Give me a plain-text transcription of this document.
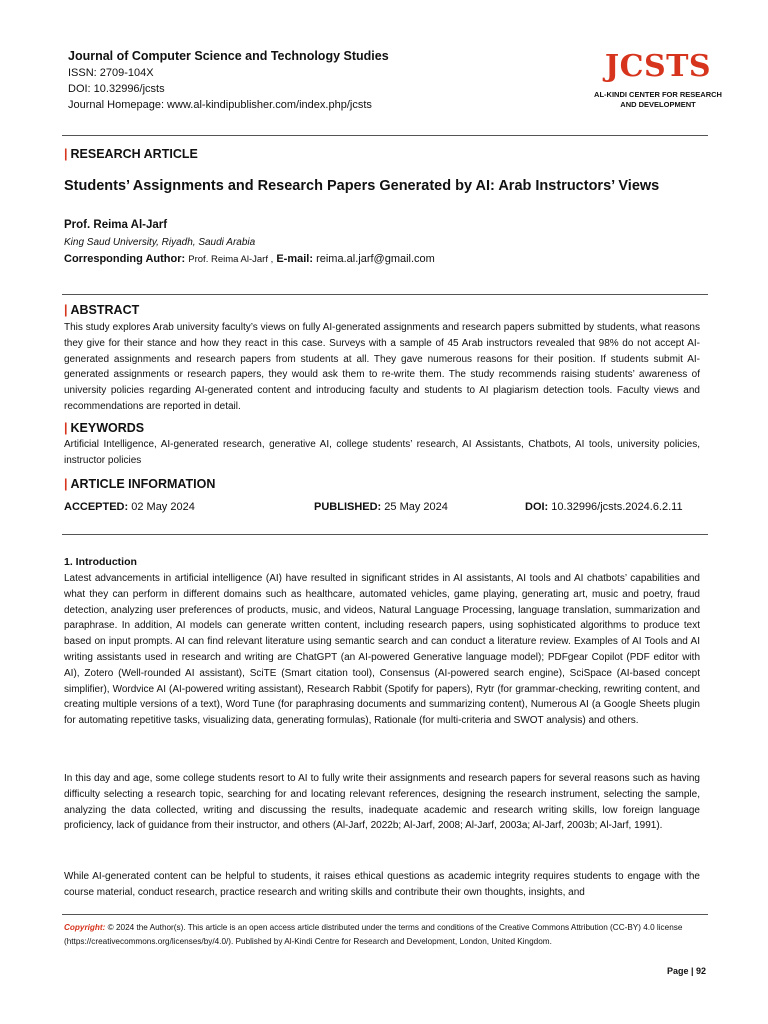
Journal of Computer Science and Technology Studies
ISSN: 2709-104X
DOI: 10.32996/jcsts
Journal Homepage: www.al-kindipublisher.com/index.php/jcsts
JCSTS
AL-KINDI CENTER FOR RESEARCH
AND DEVELOPMENT
| RESEARCH ARTICLE
Students’ Assignments and Research Papers Generated by AI: Arab Instructors’ Views
Prof. Reima Al-Jarf
King Saud University, Riyadh, Saudi Arabia
Corresponding Author: Prof. Reima Al-Jarf , E-mail: reima.al.jarf@gmail.com
| ABSTRACT
This study explores Arab university faculty’s views on fully AI-generated assignments and research papers submitted by students, what reasons they give for their stance and how they react in this case. Surveys with a sample of 45 Arab instructors revealed that 98% do not accept AI-generated assignments and research papers from students at all. They gave numerous reasons for their position. If students submit AI-generated assignments or research papers, they would ask them to re-write them. The study recommends raising students’ awareness of university policies regarding AI-generated content and introducing faculty and students to AI plagiarism detection tools. Faculty views and recommendations are reported in detail.
| KEYWORDS
Artificial Intelligence, AI-generated research, generative AI, college students’ research, AI Assistants, Chatbots, AI tools, university policies, instructor policies
| ARTICLE INFORMATION
ACCEPTED: 02 May 2024	PUBLISHED: 25 May 2024	DOI: 10.32996/jcsts.2024.6.2.11
1. Introduction
Latest advancements in artificial intelligence (AI) have resulted in significant strides in AI assistants, AI tools and AI chatbots’ capabilities and what they can perform in different domains such as healthcare, automated vehicles, game playing, generating art, music and poetry, fraud detection, analyzing user preferences of products, music, and videos, Natural Language Processing, language translation, summarization and paraphrase. In addition, AI models can generate written content, including research papers, using sophisticated algorithms to produce text based on input prompts. AI can find relevant literature using semantic search and can conduct a literature review. Examples of AI Tools and AI writing assistants used in research and writing are ChatGPT (an AI-powered Generative language model); PDFgear Copilot (PDF editor with AI), Zotero (Well-rounded AI assistant), SciTE (Smart citation tool), Consensus (AI-powered search engine), SciSpace (AI-based concept simplifier), Wordvice AI (AI-powered writing assistant), Research Rabbit (Spotify for papers), Rytr (for grammar-checking, rewriting content, and creating multiple versions of a text), Word Tune (for paraphrasing documents and summarizing content), Numerous AI (a Google Sheets plugin for automating repetitive tasks, visualizing data, generating formulas), Rationale (for multi-criteria and SWOT analysis) and others.
In this day and age, some college students resort to AI to fully write their assignments and research papers for several reasons such as having difficulty selecting a research topic, searching for and locating relevant references, designing the research instrument, selecting the sample, analyzing the data collected, writing and discussing the results, inadequate academic and research writing skills, low foreign language proficiency, lack of guidance from their instructor, and others (Al-Jarf, 2022b; Al-Jarf, 2008; Al-Jarf, 2003a; Al-Jarf, 2003b; Al-Jarf, 1991).
While AI-generated content can be helpful to students, it raises ethical questions as academic integrity requires students to engage with the course material, conduct research, practice research and writing skills and contribute their own thoughts, insights, and
Copyright: © 2024 the Author(s). This article is an open access article distributed under the terms and conditions of the Creative Commons Attribution (CC-BY) 4.0 license (https://creativecommons.org/licenses/by/4.0/). Published by Al-Kindi Centre for Research and Development, London, United Kingdom.
Page | 92
